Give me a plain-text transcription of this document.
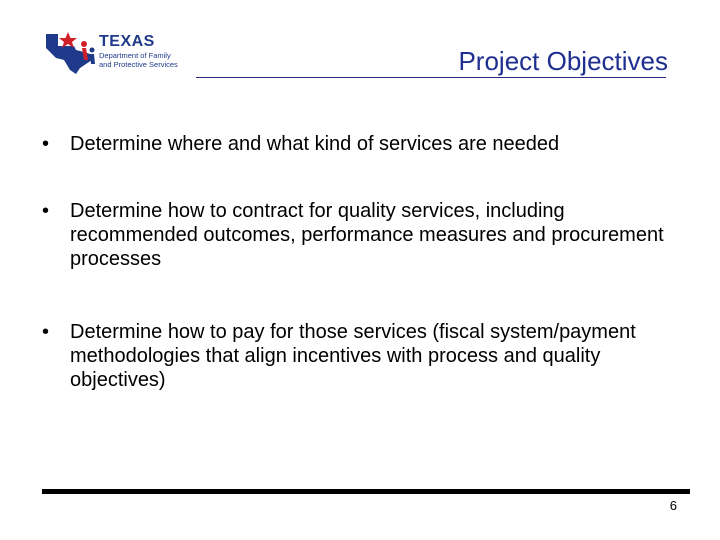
TEXAS
Department of Family
and Protective Services	Project Objectives
• Determine where and what kind of services are needed
• Determine how to contract for quality services, including recommended outcomes, performance measures and procurement processes
• Determine how to pay for those services (fiscal system/payment methodologies that align incentives with process and quality objectives)
6
